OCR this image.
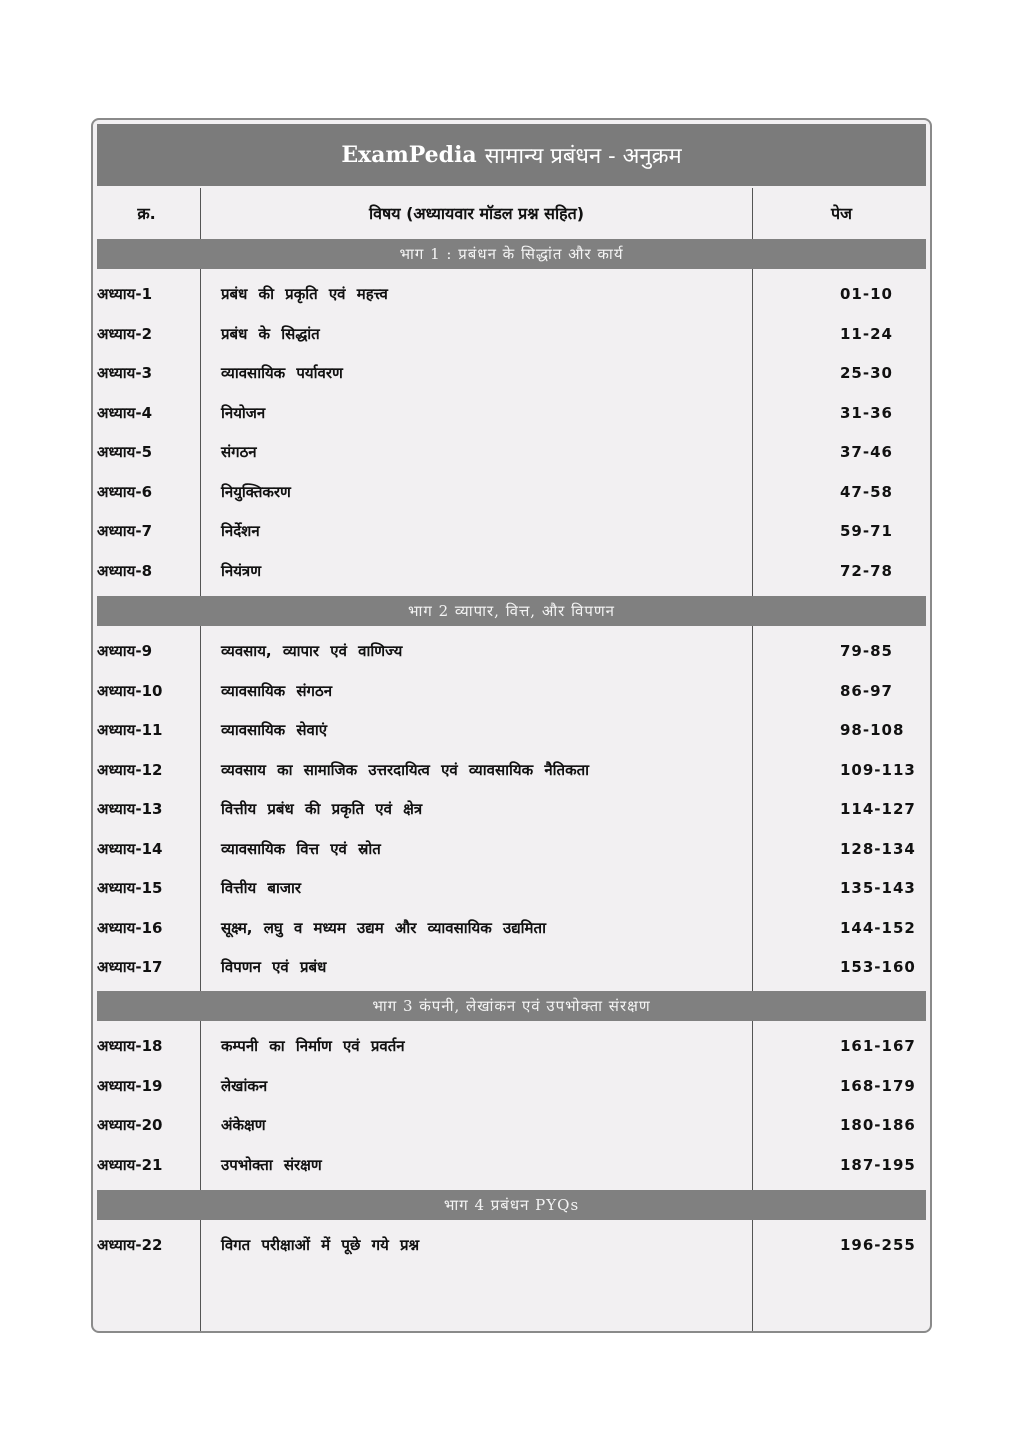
ExamPedia सामान्य प्रबंधन - अनुक्रम
क्र.	विषय (अध्यायवार मॉडल प्रश्न सहित)	पेज
भाग 1 : प्रबंधन के सिद्धांत और कार्य
अध्याय-1	प्रबंध की प्रकृति एवं महत्त्व	01-10
अध्याय-2	प्रबंध के सिद्धांत	11-24
अध्याय-3	व्यावसायिक पर्यावरण	25-30
अध्याय-4	नियोजन	31-36
अध्याय-5	संगठन	37-46
अध्याय-6	नियुक्तिकरण	47-58
अध्याय-7	निर्देशन	59-71
अध्याय-8	नियंत्रण	72-78
भाग 2 व्यापार, वित्त, और विपणन
अध्याय-9	व्यवसाय, व्यापार एवं वाणिज्य	79-85
अध्याय-10	व्यावसायिक संगठन	86-97
अध्याय-11	व्यावसायिक सेवाएं	98-108
अध्याय-12	व्यवसाय का सामाजिक उत्तरदायित्व एवं व्यावसायिक नैतिकता	109-113
अध्याय-13	वित्तीय प्रबंध की प्रकृति एवं क्षेत्र	114-127
अध्याय-14	व्यावसायिक वित्त एवं स्रोत	128-134
अध्याय-15	वित्तीय बाजार	135-143
अध्याय-16	सूक्ष्म, लघु व मध्यम उद्यम और व्यावसायिक उद्यमिता	144-152
अध्याय-17	विपणन एवं प्रबंध	153-160
भाग 3 कंपनी, लेखांकन एवं उपभोक्ता संरक्षण
अध्याय-18	कम्पनी का निर्माण एवं प्रवर्तन	161-167
अध्याय-19	लेखांकन	168-179
अध्याय-20	अंकेक्षण	180-186
अध्याय-21	उपभोक्ता संरक्षण	187-195
भाग 4 प्रबंधन PYQs
अध्याय-22	विगत परीक्षाओं में पूछे गये प्रश्न	196-255
